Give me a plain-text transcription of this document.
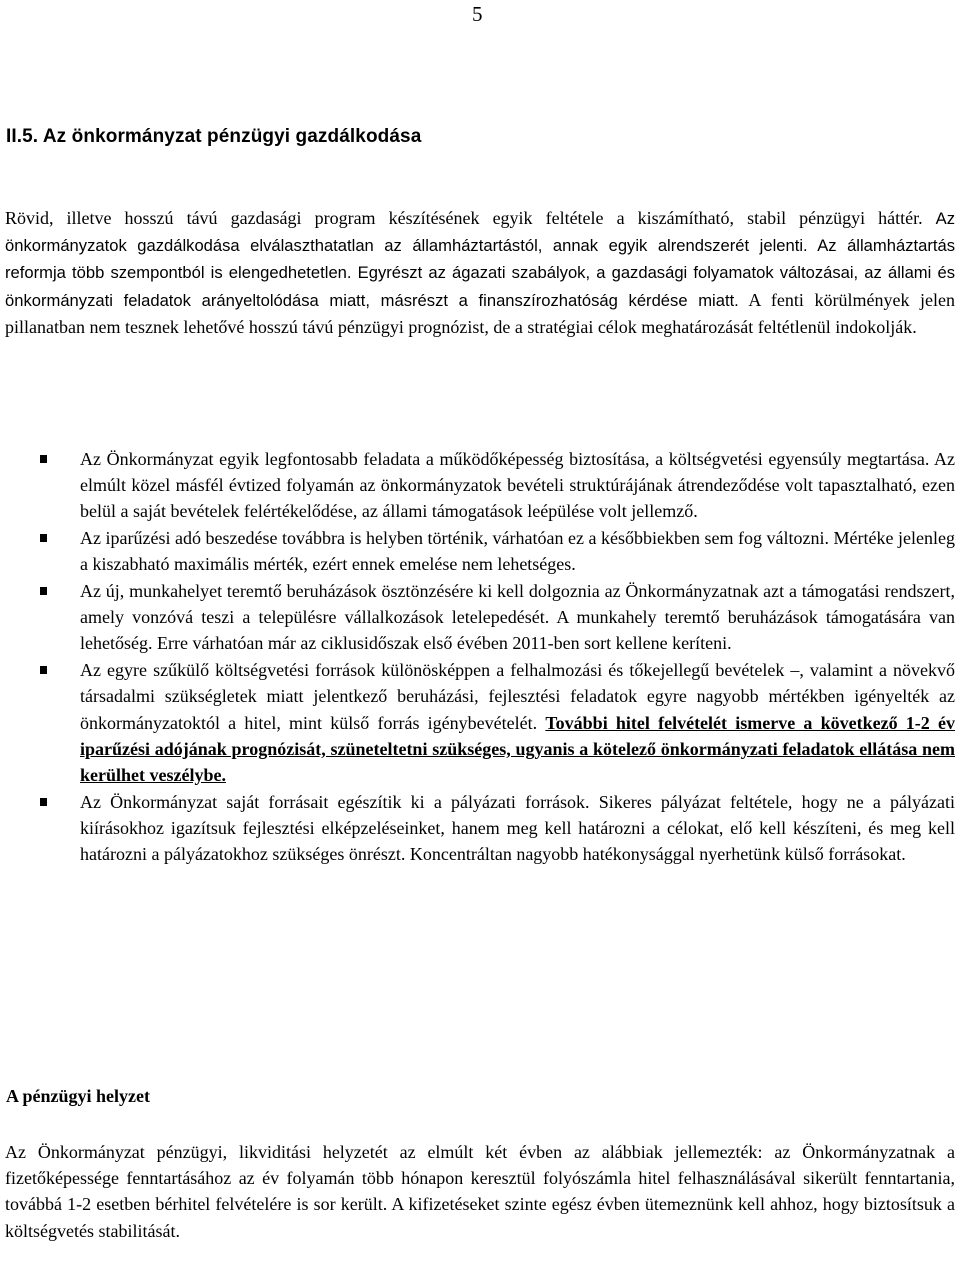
5
II.5. Az önkormányzat pénzügyi gazdálkodása

Rövid, illetve hosszú távú gazdasági program készítésének egyik feltétele a kiszámítható, stabil pénzügyi háttér. Az önkormányzatok gazdálkodása elválaszthatatlan az államháztartástól, annak egyik alrendszerét jelenti. Az államháztartás reformja több szempontból is elengedhetetlen. Egyrészt az ágazati szabályok, a gazdasági folyamatok változásai, az állami és önkormányzati feladatok arányeltolódása miatt, másrészt a finanszírozhatóság kérdése miatt. A fenti körülmények jelen pillanatban nem tesznek lehetővé hosszú távú pénzügyi prognózist, de a stratégiai célok meghatározását feltétlenül indokolják.

Az Önkormányzat egyik legfontosabb feladata a működőképesség biztosítása, a költségvetési egyensúly megtartása. Az elmúlt közel másfél évtized folyamán az önkormányzatok bevételi struktúrájának átrendeződése volt tapasztalható, ezen belül a saját bevételek felértékelődése, az állami támogatások leépülése volt jellemző.
Az iparűzési adó beszedése továbbra is helyben történik, várhatóan ez a későbbiekben sem fog változni. Mértéke jelenleg a kiszabható maximális mérték, ezért ennek emelése nem lehetséges.
Az új, munkahelyet teremtő beruházások ösztönzésére ki kell dolgoznia az Önkormányzatnak azt a támogatási rendszert, amely vonzóvá teszi a településre vállalkozások letelepedését. A munkahely teremtő beruházások támogatására van lehetőség. Erre várhatóan már az ciklusidőszak első évében 2011-ben sort kellene keríteni.
Az egyre szűkülő költségvetési források különösképpen a felhalmozási és tőkejellegű bevételek –, valamint a növekvő társadalmi szükségletek miatt jelentkező beruházási, fejlesztési feladatok egyre nagyobb mértékben igényelték az önkormányzatoktól a hitel, mint külső forrás igénybevételét. További hitel felvételét ismerve a következő 1-2 év iparűzési adójának prognózisát, szüneteltetni szükséges, ugyanis a kötelező önkormányzati feladatok ellátása nem kerülhet veszélybe.
Az Önkormányzat saját forrásait egészítik ki a pályázati források. Sikeres pályázat feltétele, hogy ne a pályázati kiírásokhoz igazítsuk fejlesztési elképzeléseinket, hanem meg kell határozni a célokat, elő kell készíteni, és meg kell határozni a pályázatokhoz szükséges önrészt. Koncentráltan nagyobb hatékonysággal nyerhetünk külső forrásokat.
A pénzügyi helyzet

Az Önkormányzat pénzügyi, likviditási helyzetét az elmúlt két évben az alábbiak jellemezték: az Önkormányzatnak a fizetőképessége fenntartásához az év folyamán több hónapon keresztül folyószámla hitel felhasználásával sikerült fenntartania, továbbá 1-2 esetben bérhitel felvételére is sor került. A kifizetéseket szinte egész évben ütemeznünk kell ahhoz, hogy biztosítsuk a költségvetés stabilitását.
